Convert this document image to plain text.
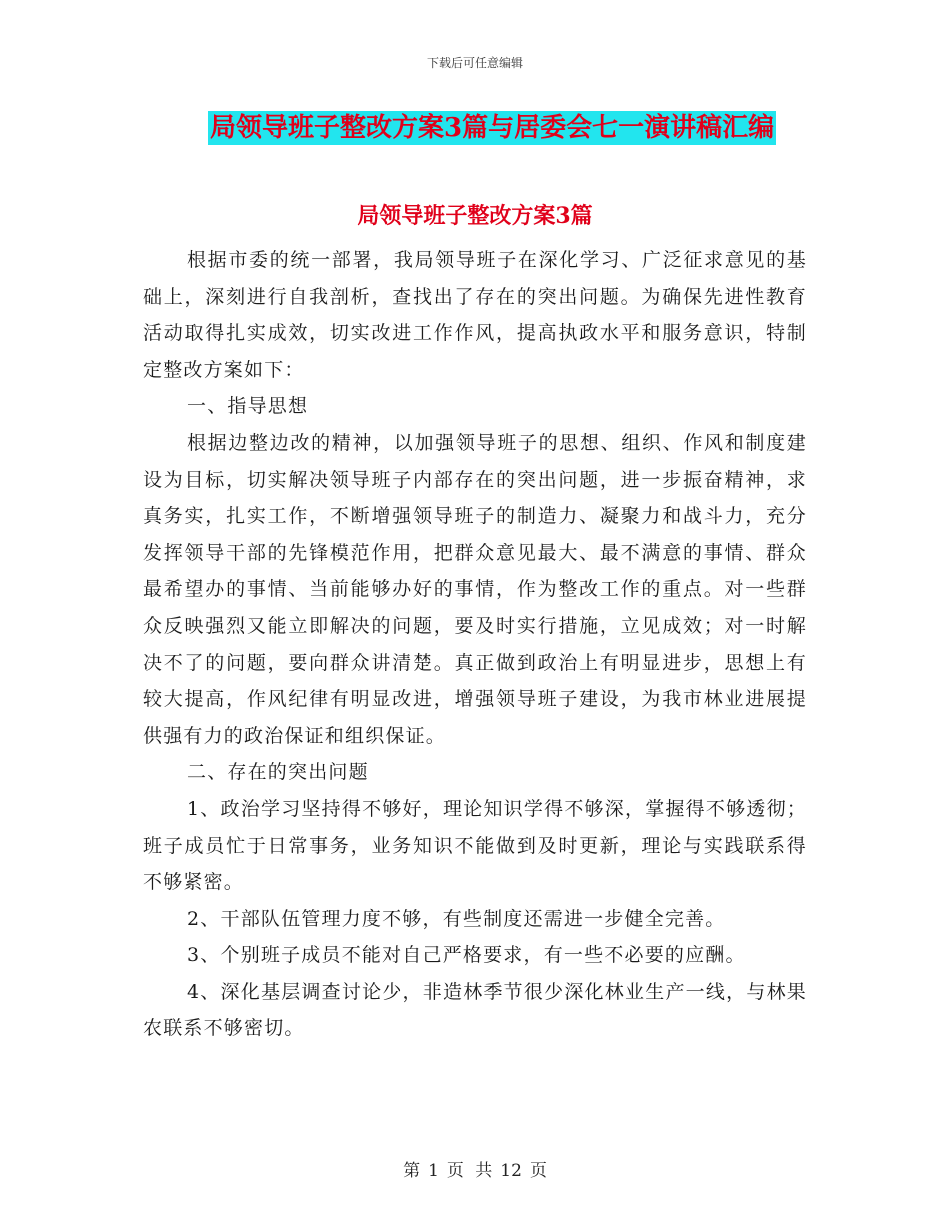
下载后可任意编辑
局领导班子整改方案3篇与居委会七一演讲稿汇编
局领导班子整改方案3篇

根据市委的统一部署，我局领导班子在深化学习、广泛征求意见的基础上，深刻进行自我剖析，查找出了存在的突出问题。为确保先进性教育活动取得扎实成效，切实改进工作作风，提高执政水平和服务意识，特制定整改方案如下：

一、指导思想

根据边整边改的精神，以加强领导班子的思想、组织、作风和制度建设为目标，切实解决领导班子内部存在的突出问题，进一步振奋精神，求真务实，扎实工作，不断增强领导班子的制造力、凝聚力和战斗力，充分发挥领导干部的先锋模范作用，把群众意见最大、最不满意的事情、群众最希望办的事情、当前能够办好的事情，作为整改工作的重点。对一些群众反映强烈又能立即解决的问题，要及时实行措施，立见成效；对一时解决不了的问题，要向群众讲清楚。真正做到政治上有明显进步，思想上有较大提高，作风纪律有明显改进，增强领导班子建设，为我市林业进展提供强有力的政治保证和组织保证。

二、存在的突出问题

1、政治学习坚持得不够好，理论知识学得不够深，掌握得不够透彻；班子成员忙于日常事务，业务知识不能做到及时更新，理论与实践联系得不够紧密。

2、干部队伍管理力度不够，有些制度还需进一步健全完善。

3、个别班子成员不能对自己严格要求，有一些不必要的应酬。

4、深化基层调查讨论少，非造林季节很少深化林业生产一线，与林果农联系不够密切。

第 1 页 共 12 页
